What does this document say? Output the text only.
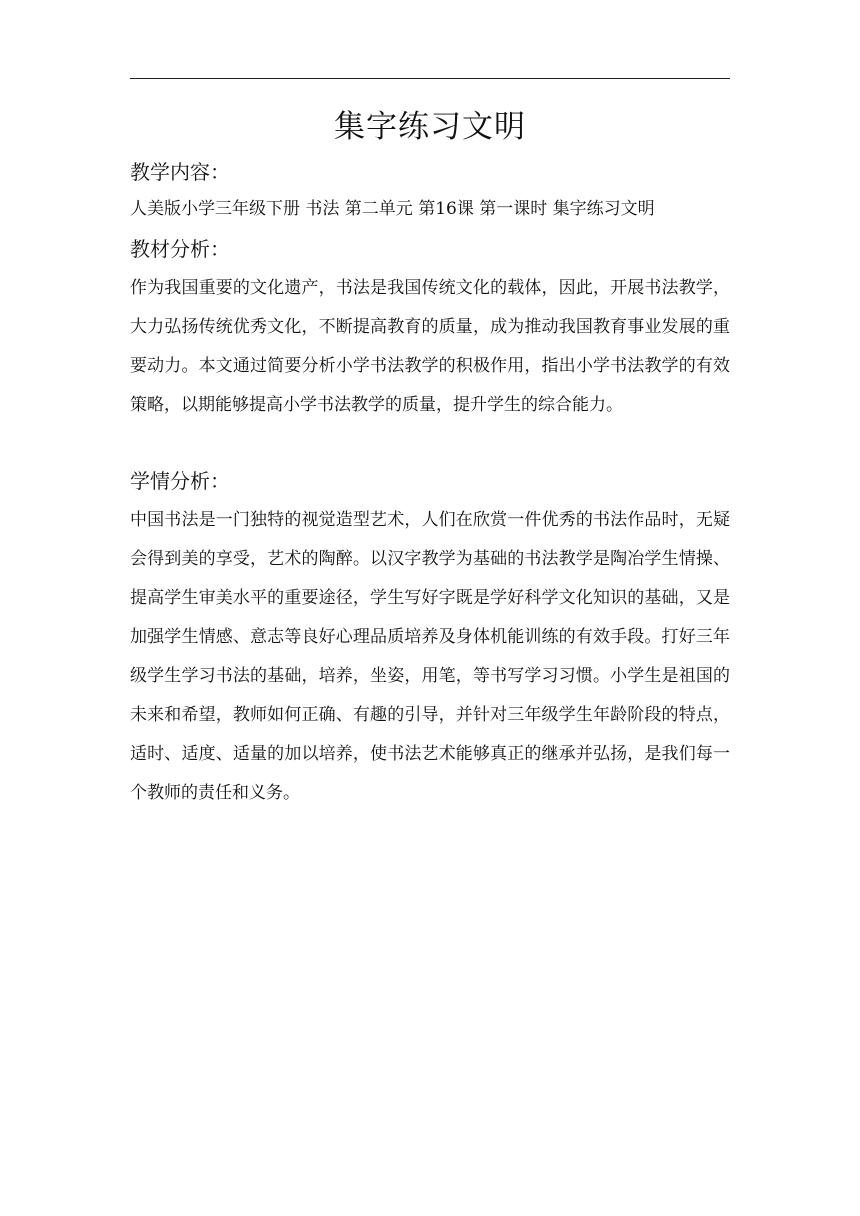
集字练习文明
教学内容：

人美版小学三年级下册 书法 第二单元 第16课 第一课时 集字练习文明

教材分析：

作为我国重要的文化遗产，书法是我国传统文化的载体，因此，开展书法教学，大力弘扬传统优秀文化，不断提高教育的质量，成为推动我国教育事业发展的重要动力。本文通过简要分析小学书法教学的积极作用，指出小学书法教学的有效策略，以期能够提高小学书法教学的质量，提升学生的综合能力。

学情分析：

中国书法是一门独特的视觉造型艺术，人们在欣赏一件优秀的书法作品时，无疑会得到美的享受，艺术的陶醉。以汉字教学为基础的书法教学是陶冶学生情操、提高学生审美水平的重要途径，学生写好字既是学好科学文化知识的基础，又是加强学生情感、意志等良好心理品质培养及身体机能训练的有效手段。打好三年级学生学习书法的基础，培养，坐姿，用笔，等书写学习习惯。小学生是祖国的未来和希望，教师如何正确、有趣的引导，并针对三年级学生年龄阶段的特点，适时、适度、适量的加以培养，使书法艺术能够真正的继承并弘扬，是我们每一个教师的责任和义务。
